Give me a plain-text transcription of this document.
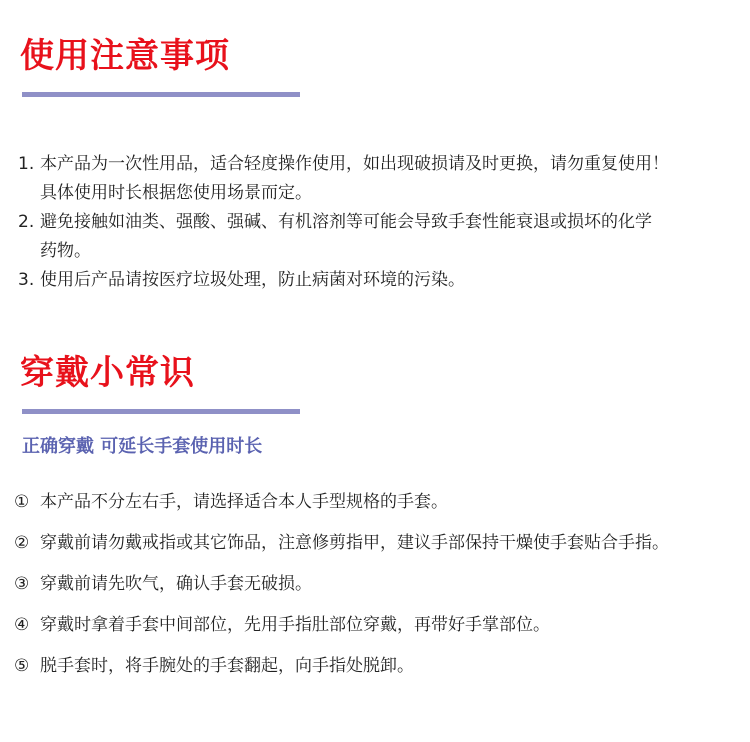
使用注意事项
1. 本产品为一次性用品，适合轻度操作使用，如出现破损请及时更换，请勿重复使用！
具体使用时长根据您使用场景而定。
2. 避免接触如油类、强酸、强碱、有机溶剂等可能会导致手套性能衰退或损坏的化学
药物。
3. 使用后产品请按医疗垃圾处理，防止病菌对环境的污染。
穿戴小常识

正确穿戴 可延长手套使用时长

① 本产品不分左右手，请选择适合本人手型规格的手套。
② 穿戴前请勿戴戒指或其它饰品，注意修剪指甲，建议手部保持干燥使手套贴合手指。
③ 穿戴前请先吹气，确认手套无破损。
④ 穿戴时拿着手套中间部位，先用手指肚部位穿戴，再带好手掌部位。
⑤ 脱手套时，将手腕处的手套翻起，向手指处脱卸。
